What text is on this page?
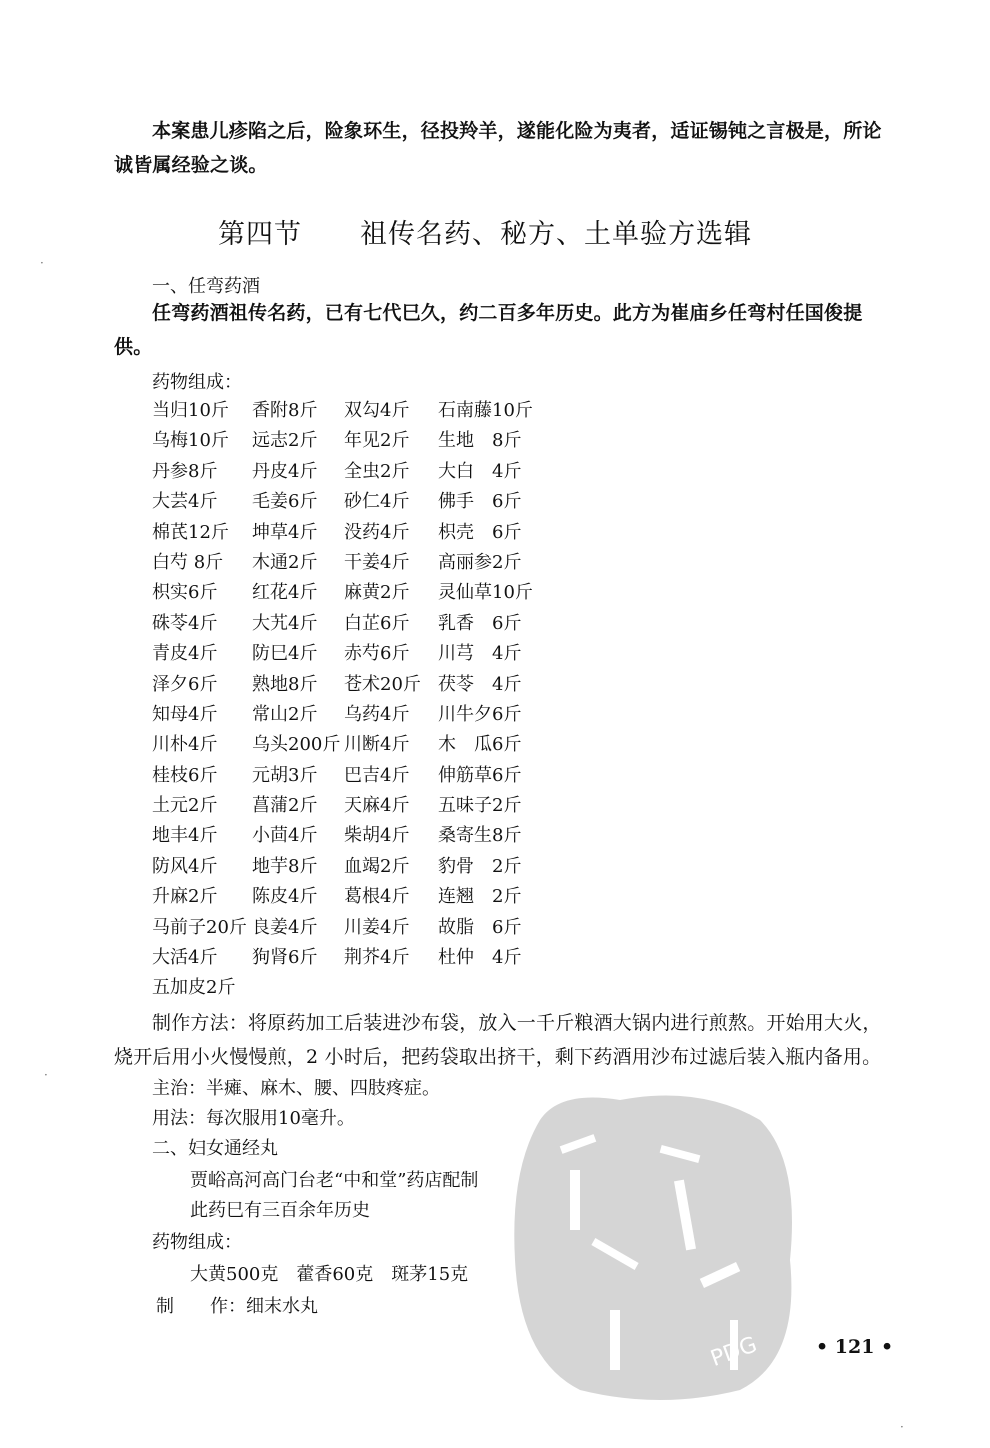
本案患儿疹陷之后，险象环生，径投羚羊，遂能化险为夷者，适证锡钝之言极是，所论
诚皆属经验之谈。
第四节 祖传名药、秘方、土单验方选辑
一、任弯药酒
任弯药酒祖传名药，已有七代巳久，约二百多年历史。此方为崔庙乡任弯村任国俊提
供。
药物组成：
当归10斤 香附8斤 双勾4斤 石南藤10斤
乌梅10斤 远志2斤 年见2斤 生地　8斤
丹参8斤 丹皮4斤 全虫2斤 大白　4斤
大芸4斤 毛姜6斤 砂仁4斤 佛手　6斤
棉芪12斤 坤草4斤 没药4斤 枳壳　6斤
白芍 8斤 木通2斤 干姜4斤 高丽参2斤
枳实6斤 红花4斤 麻黄2斤 灵仙草10斤
硃苓4斤 大艽4斤 白芷6斤 乳香　6斤
青皮4斤 防巳4斤 赤芍6斤 川芎　4斤
泽夕6斤 熟地8斤 苍术20斤 茯苓　4斤
知母4斤 常山2斤 乌药4斤 川牛夕6斤
川朴4斤 乌头200斤 川断4斤 木　瓜6斤
桂枝6斤 元胡3斤 巴吉4斤 伸筋草6斤
土元2斤 菖蒲2斤 天麻4斤 五味子2斤
地丰4斤 小茴4斤 柴胡4斤 桑寄生8斤
防风4斤 地芋8斤 血竭2斤 豹骨　2斤
升麻2斤 陈皮4斤 葛根4斤 连翘　2斤
马前子20斤 良姜4斤 川姜4斤 故脂　6斤
大活4斤 狗肾6斤 荆芥4斤 杜仲　4斤
五加皮2斤
制作方法：将原药加工后装进沙布袋，放入一千斤粮酒大锅内进行煎熬。开始用大火，
烧开后用小火慢慢煎，2 小时后，把药袋取出挤干，剩下药酒用沙布过滤后装入瓶内备用。
主治：半瘫、麻木、腰、四肢疼症。
用法：每次服用10毫升。
二、妇女通经丸
贾峪高河高门台老“中和堂”药店配制
此药巳有三百余年历史
药物组成：
大黄500克　藿香60克　斑茅15克
制　　作：细末水丸
PDG	• 121 •
·
·
·
